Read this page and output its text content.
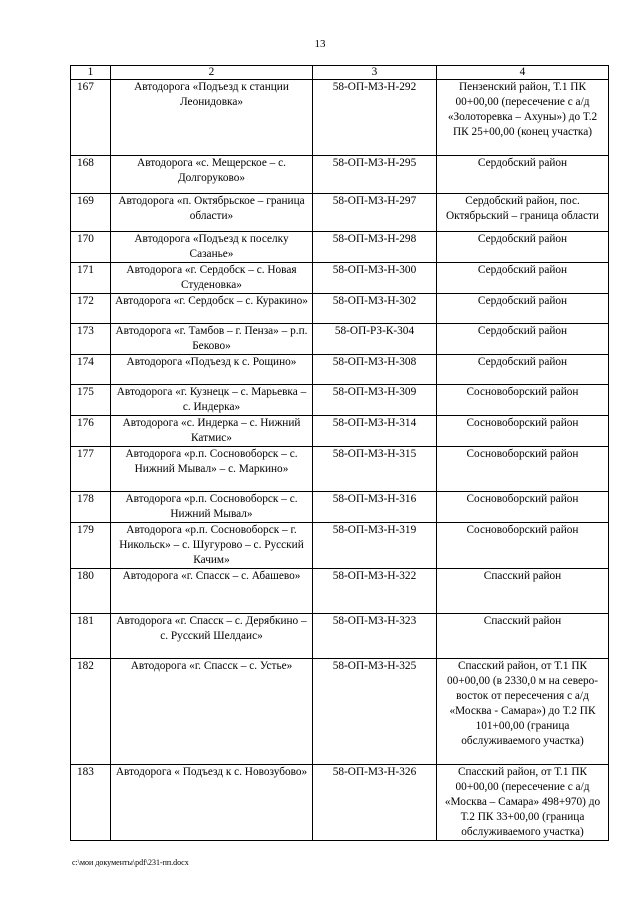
13
1	2	3	4
167	Автодорога «Подъезд к станции Леонидовка»	58-ОП-МЗ-Н-292	Пензенский район, Т.1 ПК 00+00,00 (пересечение с а/д «Золоторевка – Ахуны») до Т.2 ПК 25+00,00 (конец участка)
168	Автодорога «с. Мещерское – с. Долгоруково»	58-ОП-МЗ-Н-295	Сердобский район
169	Автодорога «п. Октябрьское – граница области»	58-ОП-МЗ-Н-297	Сердобский район, пос. Октябрьский – граница области
170	Автодорога «Подъезд к поселку Сазанье»	58-ОП-МЗ-Н-298	Сердобский район
171	Автодорога «г. Сердобск – с. Новая Студеновка»	58-ОП-МЗ-Н-300	Сердобский район
172	Автодорога «г. Сердобск – с. Куракино»	58-ОП-МЗ-Н-302	Сердобский район
173	Автодорога «г. Тамбов – г. Пенза» – р.п. Беково»	58-ОП-РЗ-К-304	Сердобский район
174	Автодорога «Подъезд к с. Рощино»	58-ОП-МЗ-Н-308	Сердобский район
175	Автодорога «г. Кузнецк – с. Марьевка – с. Индерка»	58-ОП-МЗ-Н-309	Сосновоборский район
176	Автодорога «с. Индерка – с. Нижний Катмис»	58-ОП-МЗ-Н-314	Сосновоборский район
177	Автодорога «р.п. Сосновоборск – с. Нижний Мывал» – с. Маркино»	58-ОП-МЗ-Н-315	Сосновоборский район
178	Автодорога «р.п. Сосновоборск – с. Нижний Мывал»	58-ОП-МЗ-Н-316	Сосновоборский район
179	Автодорога «р.п. Сосновоборск – г. Никольск» – с. Шугурово – с. Русский Качим»	58-ОП-МЗ-Н-319	Сосновоборский район
180	Автодорога «г. Спасск – с. Абашево»	58-ОП-МЗ-Н-322	Спасский район
181	Автодорога «г. Спасск – с. Дерябкино – с. Русский Шелдаис»	58-ОП-МЗ-Н-323	Спасский район
182	Автодорога «г. Спасск – с. Устье»	58-ОП-МЗ-Н-325	Спасский район, от Т.1 ПК 00+00,00 (в 2330,0 м на северо-восток от пересечения с а/д «Москва - Самара») до Т.2 ПК 101+00,00 (граница обслуживаемого участка)
183	Автодорога « Подъезд к с. Новозубово»	58-ОП-МЗ-Н-326	Спасский район, от Т.1 ПК 00+00,00 (пересечение с а/д «Москва – Самара» 498+970) до Т.2 ПК 33+00,00 (граница обслуживаемого участка)
c:\мои документы\pdf\231-пп.docx
